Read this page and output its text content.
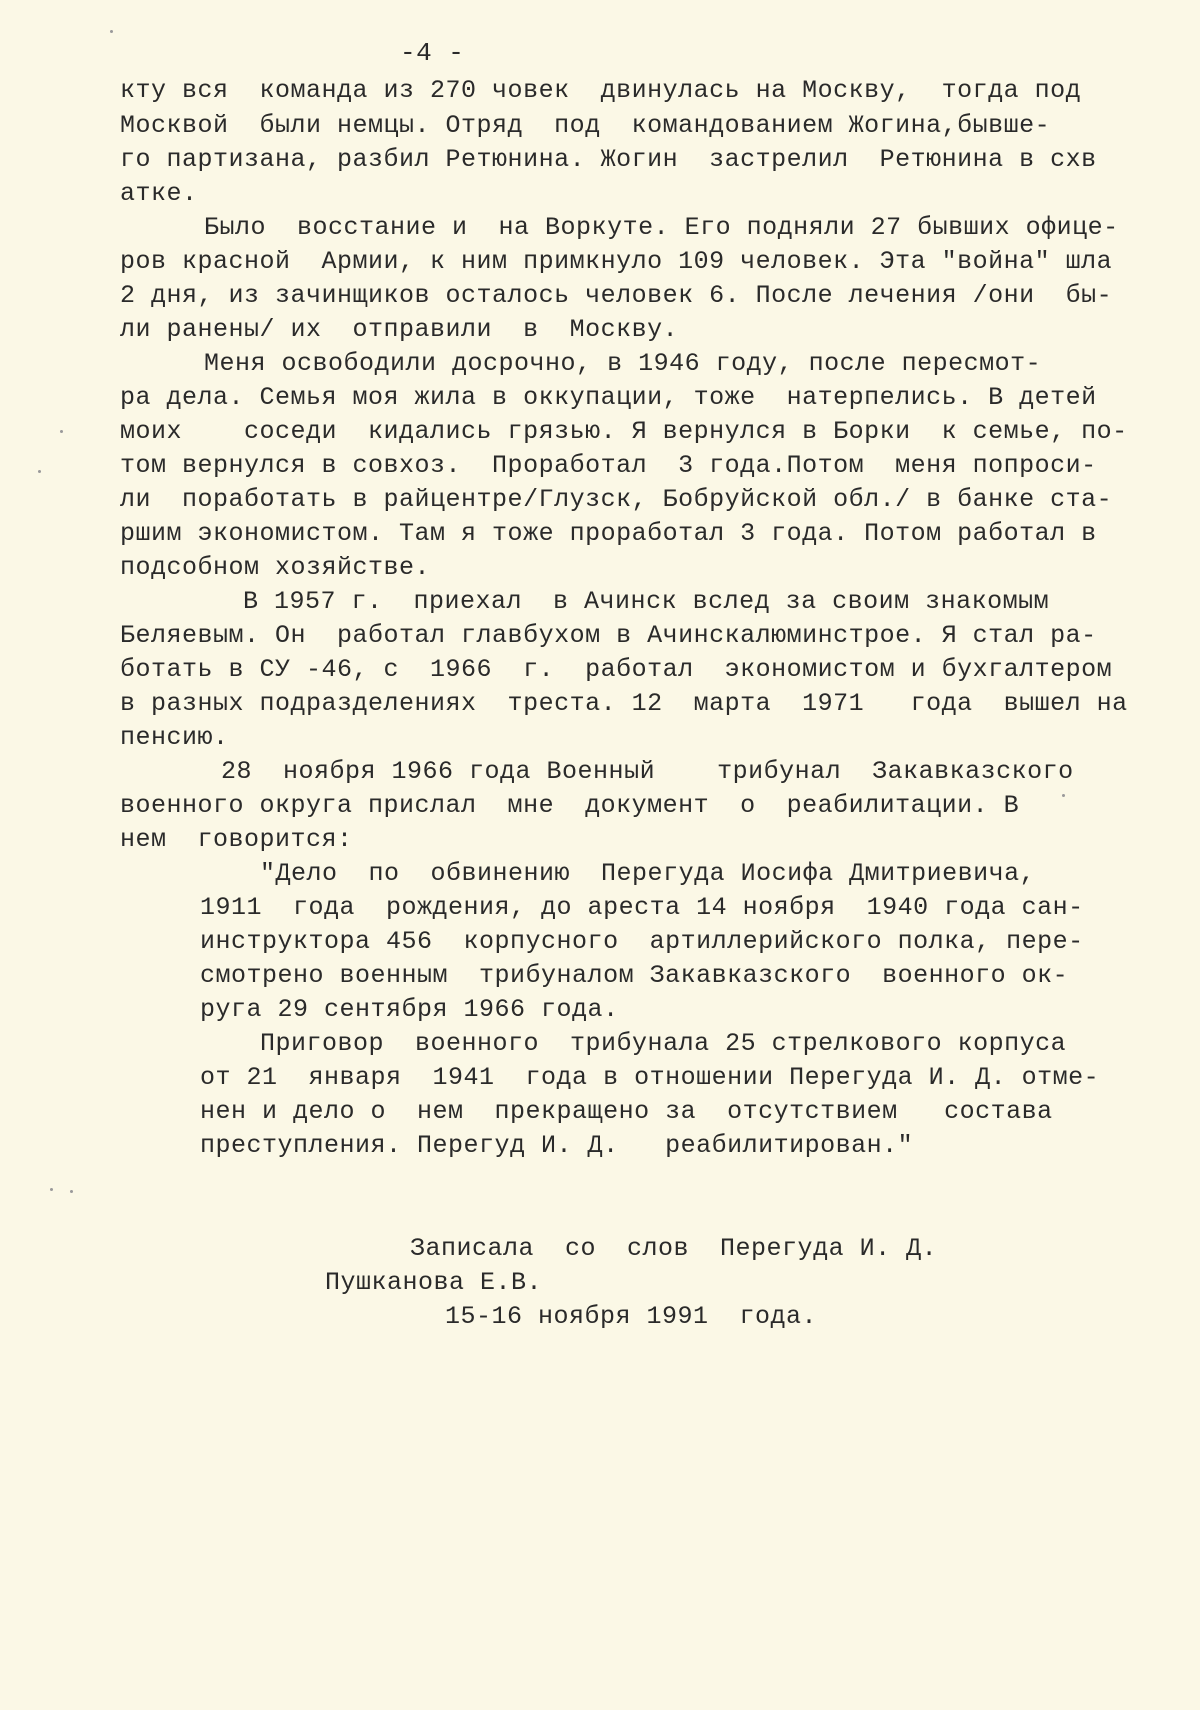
-4 -
кту вся  команда из 270 човек  двинулась на Москву,  тогда под
Москвой  были немцы. Отряд  под  командованием Жогина,бывше-
го партизана, разбил Ретюнина. Жогин  застрелил  Ретюнина в схв
атке.
Было  восстание и  на Воркуте. Его подняли 27 бывших офице-
ров красной  Армии, к ним примкнуло 109 человек. Эта "война" шла
2 дня, из зачинщиков осталось человек 6. После лечения /они  бы-
ли ранены/ их  отправили  в  Москву.
Меня освободили досрочно, в 1946 году, после пересмот-
ра дела. Семья моя жила в оккупации, тоже  натерпелись. В детей
моих    соседи  кидались грязью. Я вернулся в Борки  к семье, по-
том вернулся в совхоз.  Проработал  3 года.Потом  меня попроси-
ли  поработать в райцентре/Глузск, Бобруйской обл./ в банке ста-
ршим экономистом. Там я тоже проработал 3 года. Потом работал в
подсобном хозяйстве.
В 1957 г.  приехал  в Ачинск вслед за своим знакомым
Беляевым. Он  работал главбухом в Ачинскалюминстрое. Я стал ра-
ботать в СУ -46, с  1966  г.  работал  экономистом и бухгалтером
в разных подразделениях  треста. 12  марта  1971   года  вышел на
пенсию.
28  ноября 1966 года Военный    трибунал  Закавказского
военного округа прислал  мне  документ  о  реабилитации. В
нем  говорится:
"Дело  по  обвинению  Перегуда Иосифа Дмитриевича,
1911  года  рождения, до ареста 14 ноября  1940 года сан-
инструктора 456  корпусного  артиллерийского полка, пере-
смотрено военным  трибуналом Закавказского  военного ок-
руга 29 сентября 1966 года.
Приговор  военного  трибунала 25 стрелкового корпуса
от 21  января  1941  года в отношении Перегуда И. Д. отме-
нен и дело о  нем  прекращено за  отсутствием   состава
преступления. Перегуд И. Д.   реабилитирован."
Записала  со  слов  Перегуда И. Д.
Пушканова Е.В.
15-16 ноября 1991  года.
